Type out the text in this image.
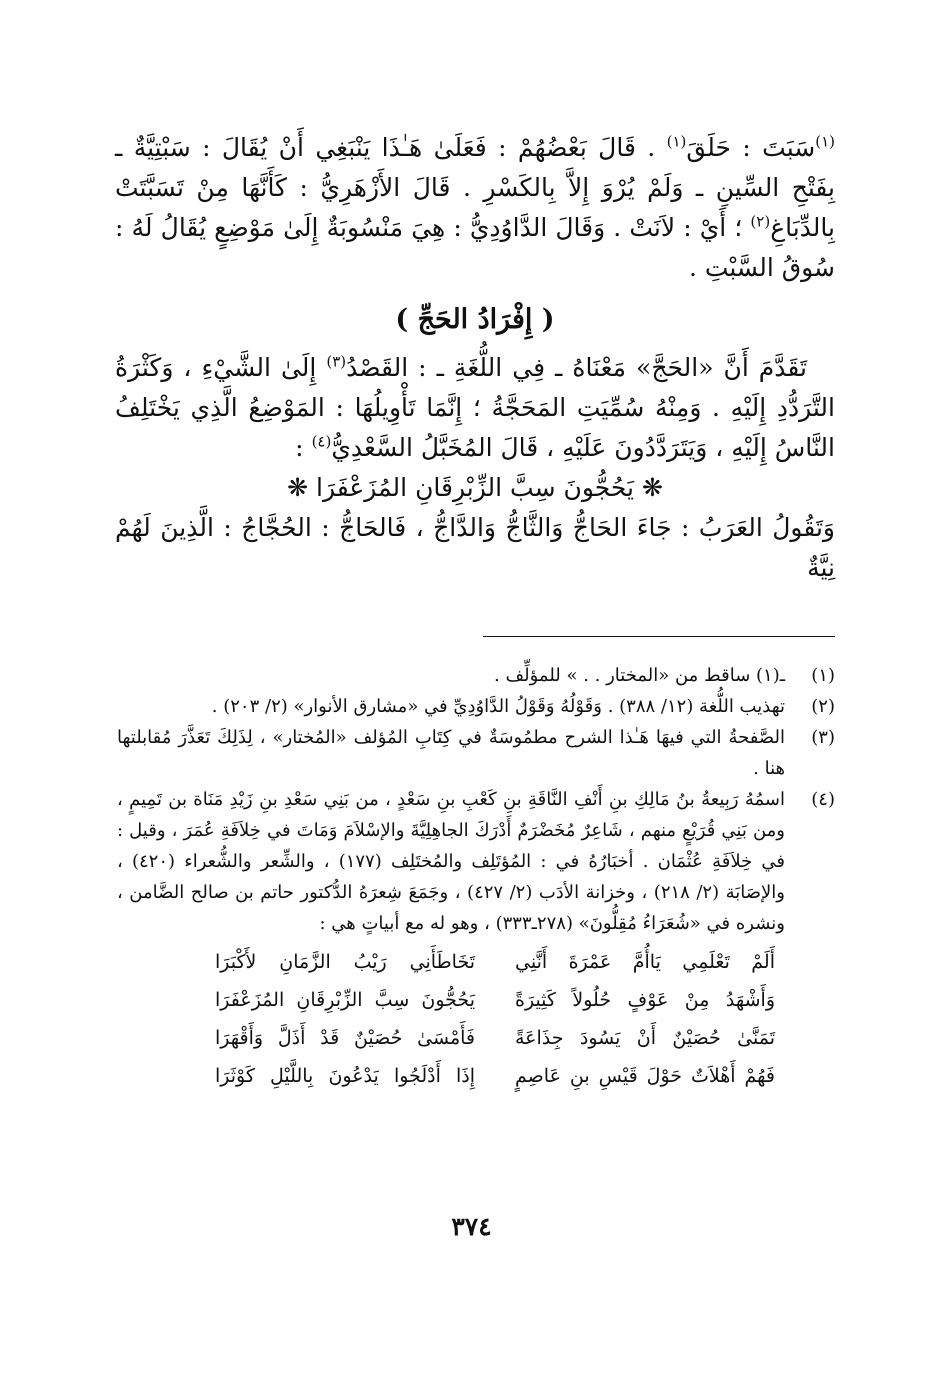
$^{(١)}$سَبَتَ : حَلَقَ$^{(١)}$ . قَالَ بَعْضُهُمْ : فَعَلَىٰ هَـٰذَا يَنْبَغِي أَنْ يُقَالَ : سَبْتِيَّةٌ ـ بِفَتْحِ السِّينِ ـ وَلَمْ يُرْوَ إِلاَّ بِالكَسْرِ . قَالَ الأَزْهَرِيُّ : كَأَنَّهَا مِنْ تَسَبَّتَتْ بِالدِّبَاغِ$^{(٢)}$ ؛ أَيْ : لاَنَتْ . وَقَالَ الدَّاوُدِيُّ : هِيَ مَنْسُوبَةٌ إِلَىٰ مَوْضِعٍ يُقَالُ لَهُ : سُوقُ السَّبْتِ .

( إِفْرَادُ الحَجِّ )

تَقَدَّمَ أَنَّ «الحَجَّ» مَعْنَاهُ ـ فِي اللُّغَةِ ـ : القَصْدُ$^{(٣)}$ إِلَىٰ الشَّيْءِ ، وَكَثْرَةُ التَّرَدُّدِ إِلَيْهِ . وَمِنْهُ سُمِّيَتِ المَحَجَّةُ ؛ إِنَّمَا تَأْوِيلُهَا : المَوْضِعُ الَّذِي يَخْتَلِفُ النَّاسُ إِلَيْهِ ، وَيَتَرَدَّدُونَ عَلَيْهِ ، قَالَ المُخَبَّلُ السَّعْدِيُّ$^{(٤)}$ :

❋ يَحُجُّونَ سِبَّ الزِّبْرِقَانِ المُزَعْفَرَا ❋

وَتَقُولُ العَرَبُ : جَاءَ الحَاجُّ وَالثَّاجُّ وَالدَّاجُّ ، فَالحَاجُّ : الحُجَّاجُ : الَّذِينَ لَهُمْ نِيَّةٌ

(١)
ـ(١) ساقط من «المختار . . » للمؤلِّف .
(٢)
تهذيب اللُّغة (١٢/ ٣٨٨) . وَقَوْلُهُ وَقَوْلُ الدَّاوُدِيِّ في «مشارق الأنوار» (٢/ ٢٠٣) .
(٣)
الصَّفحةُ التي فيهَا هَـٰذا الشرح مطمُوسَةٌ في كِتَابِ المُؤلف «المُختار» ، لِذَلِكَ تَعَذَّرَ مُقابلتها هنا .
(٤)
اسمُهُ رَبِيعةُ بنُ مَالِكِ بنِ أَنْفِ النَّاقَةِ بنِ كَعْبِ بنِ سَعْدٍ ، من بَنِي سَعْدِ بنِ زَيْدِ مَنَاة بن تَمِيمٍ ، ومن بَنِي قُرَيْعٍ منهم ، شَاعِرٌ مُخَضْرَمٌ أَدْرَكَ الجاهِلِيَّةَ والإسْلاَمَ وَمَاتَ في خِلاَفَةِ عُمَرَ ، وقيل : في خِلاَفَةِ عُثْمَان . أخبَارُهُ في : المُؤتَلِف والمُختَلِف (١٧٧) ، والشِّعر والشُّعراء (٤٢٠) ، والإصَابَة (٢/ ٢١٨) ، وخزانة الأدَب (٢/ ٤٢٧) ، وجَمَعَ شِعرَهُ الدُّكتور حاتم بن صالح الضَّامن ، ونشره في «شُعَرَاءُ مُقِلُّونَ» (٢٧٨ـ٣٣٣) ، وهو له مع أبياتٍ هي :
أَلَمْ تَعْلَمِي يَاأُمَّ عَمْرَةَ أَنَّنِي
تَخَاطَأَنِي رَيْبُ الزَّمَانِ لأَكْبَرَا
وَأَشْهَدُ مِنْ عَوْفٍ حُلُولاً كَثِيرَةً
يَحُجُّونَ سِبَّ الزِّبْرِقَانِ المُزَعْفَرَا
تَمَنَّىٰ حُصَيْنٌ أَنْ يَسُودَ جِذَاعَةً
فَأَمْسَىٰ حُصَيْنٌ قَدْ أَذَلَّ وَأَقْهَرَا
فَهُمْ أَهْلاَتٌ حَوْلَ قَيْسِ بنِ عَاصِمٍ
إِذَا أَدْلَجُوا يَدْعُونَ بِاللَّيْلِ كَوْثَرَا
٣٧٤
